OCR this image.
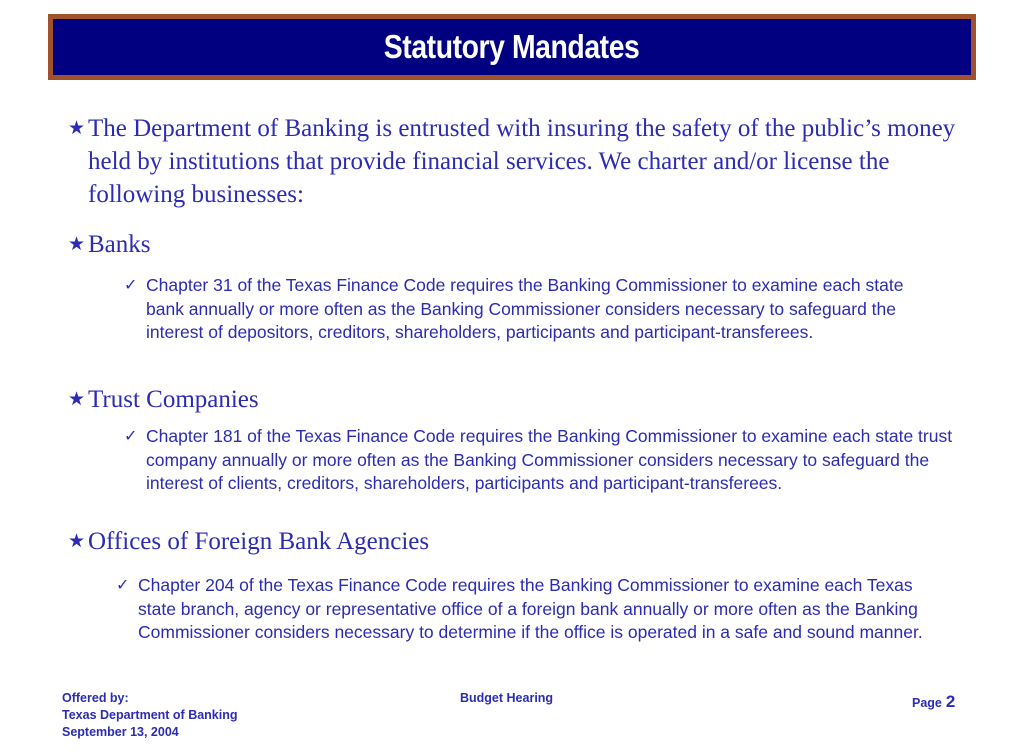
Statutory Mandates
★ The Department of Banking is entrusted with insuring the safety of the public’s money held by institutions that provide financial services. We charter and/or license the following businesses:
★ Banks
✓ Chapter 31 of the Texas Finance Code requires the Banking Commissioner to examine each state bank annually or more often as the Banking Commissioner considers necessary to safeguard the interest of depositors, creditors, shareholders, participants and participant-transferees.
★ Trust Companies
✓ Chapter 181 of the Texas Finance Code requires the Banking Commissioner to examine each state trust company annually or more often as the Banking Commissioner considers necessary to safeguard the interest of clients, creditors, shareholders, participants and participant-transferees.
★ Offices of Foreign Bank Agencies
✓ Chapter 204 of the Texas Finance Code requires the Banking Commissioner to examine each Texas state branch, agency or representative office of a foreign bank annually or more often as the Banking Commissioner considers necessary to determine if the office is operated in a safe and sound manner.
Offered by:
Texas Department of Banking
September 13, 2004
Budget Hearing	Page 2
